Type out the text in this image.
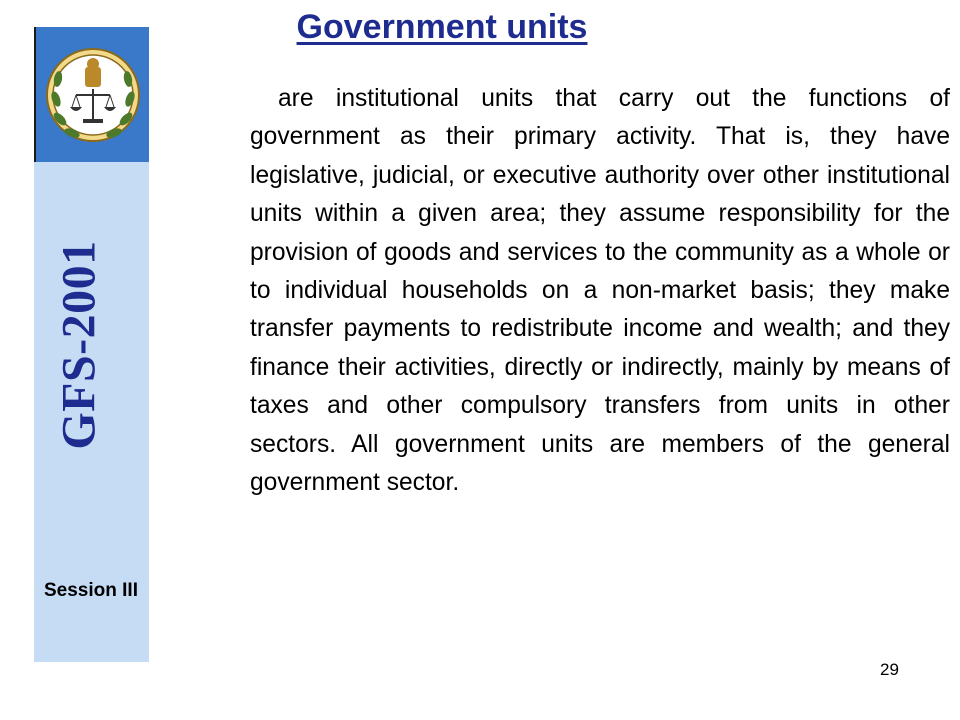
GFS-2001
Session III
Government units

are institutional units that carry out the functions of government as their primary activity. That is, they have legislative, judicial, or executive authority over other institutional units within a given area; they assume responsibility for the provision of goods and services to the community as a whole or to individual households on a non-market basis; they make transfer payments to redistribute income and wealth; and they finance their activities, directly or indirectly, mainly by means of taxes and other compulsory transfers from units in other sectors. All government units are members of the general government sector.

29
